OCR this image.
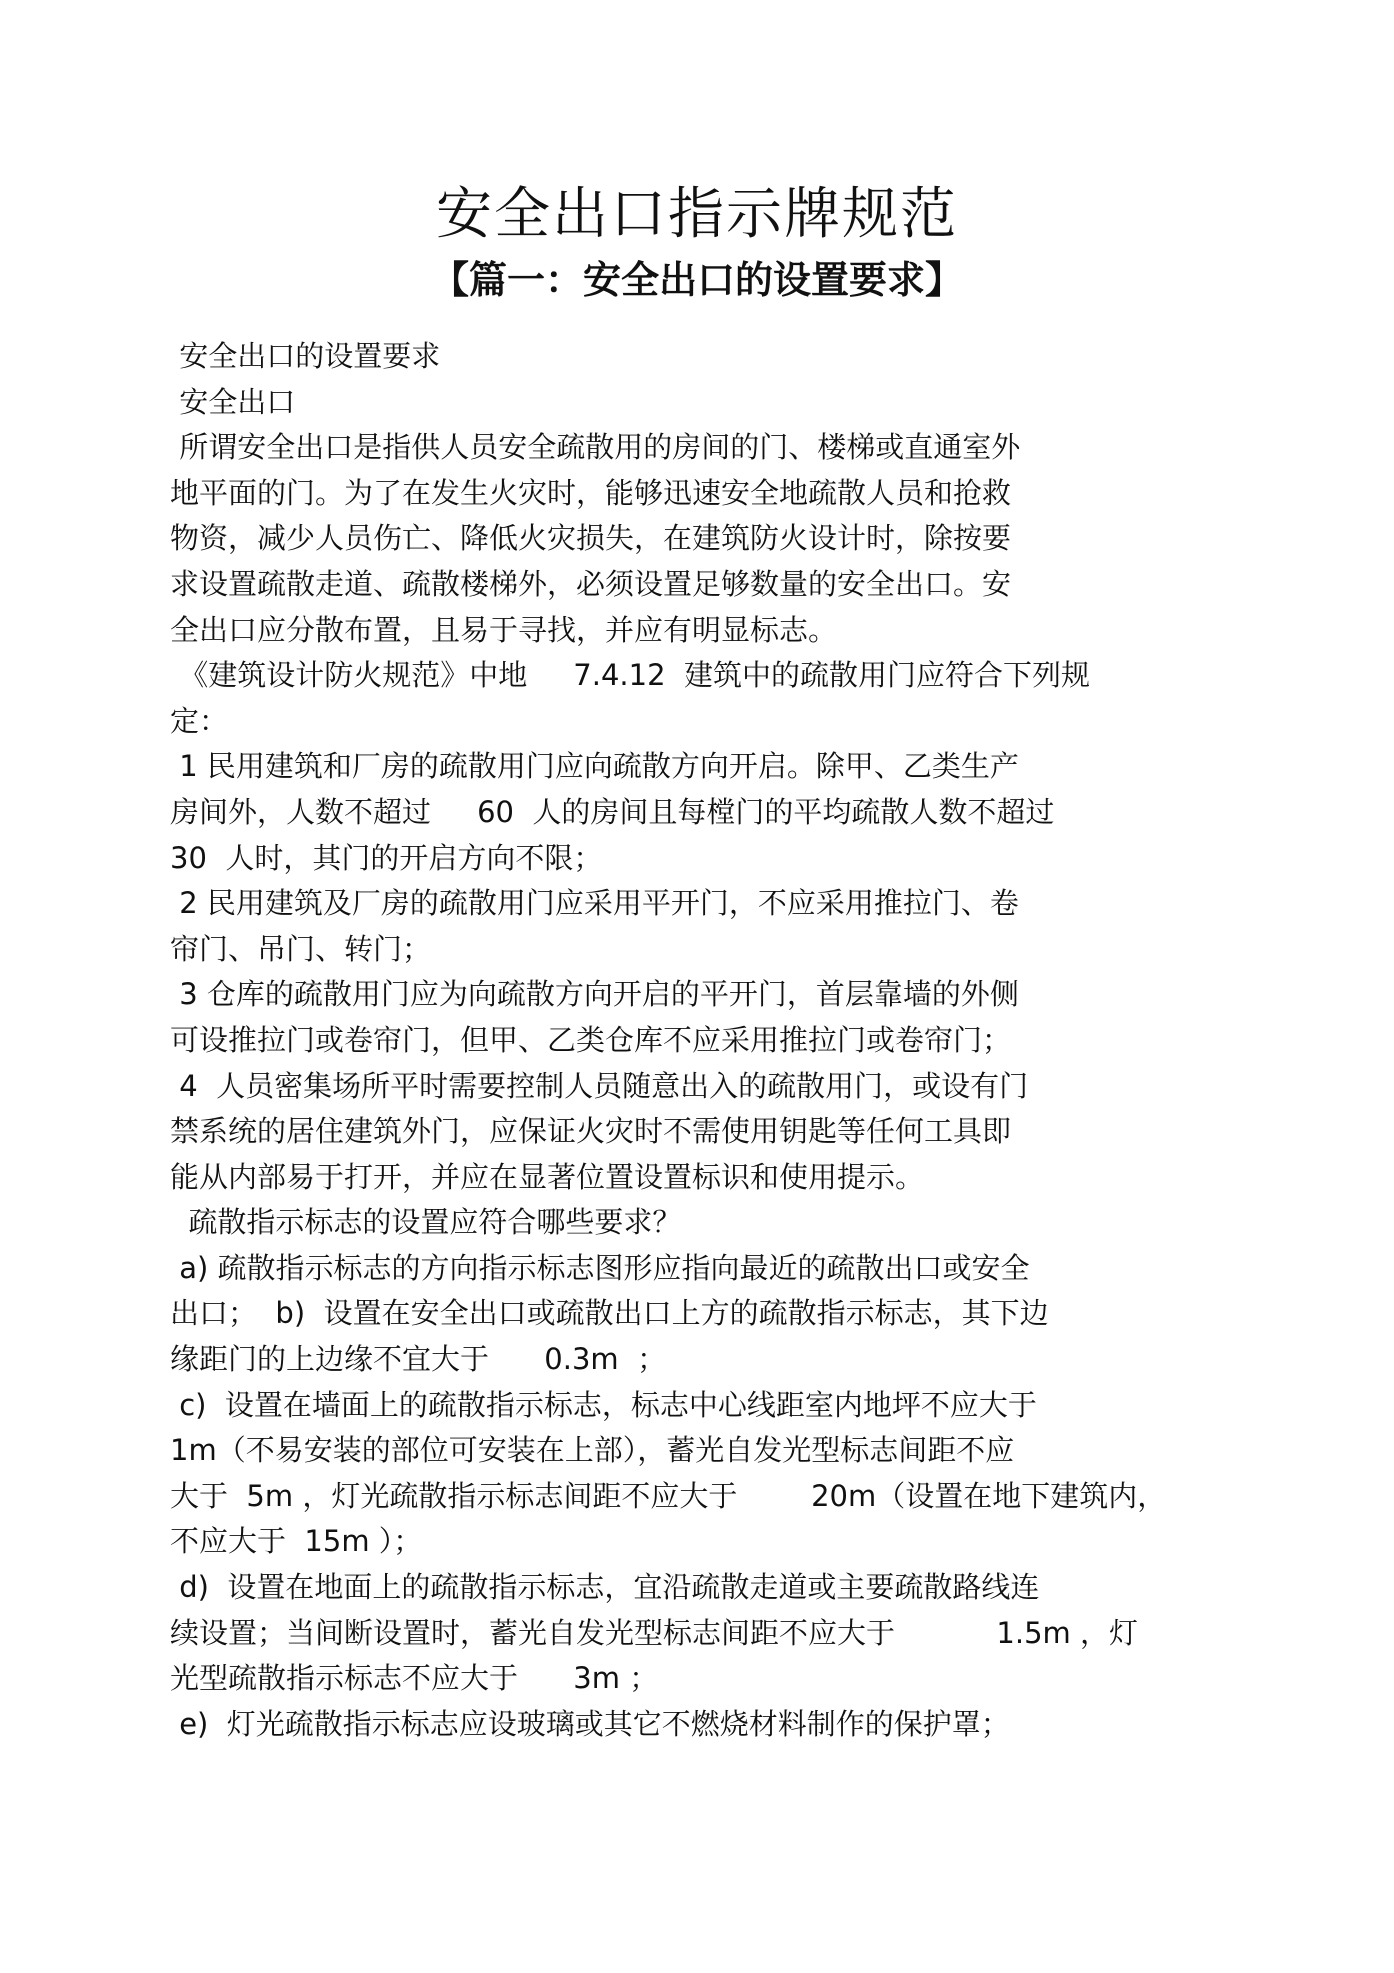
安全出口指示牌规范
【篇一：安全出口的设置要求】
安全出口的设置要求
安全出口
所谓安全出口是指供人员安全疏散用的房间的门、楼梯或直通室外
地平面的门。为了在发生火灾时，能够迅速安全地疏散人员和抢救
物资，减少人员伤亡、降低火灾损失，在建筑防火设计时，除按要
求设置疏散走道、疏散楼梯外，必须设置足够数量的安全出口。安
全出口应分散布置，且易于寻找，并应有明显标志。
《建筑设计防火规范》中地     7.4.12  建筑中的疏散用门应符合下列规
定：
1 民用建筑和厂房的疏散用门应向疏散方向开启。除甲、乙类生产
房间外，人数不超过     60  人的房间且每樘门的平均疏散人数不超过
30  人时，其门的开启方向不限；
2 民用建筑及厂房的疏散用门应采用平开门，不应采用推拉门、卷
帘门、吊门、转门；
3 仓库的疏散用门应为向疏散方向开启的平开门，首层靠墙的外侧
可设推拉门或卷帘门，但甲、乙类仓库不应采用推拉门或卷帘门；
4  人员密集场所平时需要控制人员随意出入的疏散用门，或设有门
禁系统的居住建筑外门，应保证火灾时不需使用钥匙等任何工具即
能从内部易于打开，并应在显著位置设置标识和使用提示。
疏散指示标志的设置应符合哪些要求？
a) 疏散指示标志的方向指示标志图形应指向最近的疏散出口或安全
出口；  b)  设置在安全出口或疏散出口上方的疏散指示标志，其下边
缘距门的上边缘不宜大于      0.3m  ；
c)  设置在墙面上的疏散指示标志，标志中心线距室内地坪不应大于
1m（不易安装的部位可安装在上部），蓄光自发光型标志间距不应
大于  5m ，灯光疏散指示标志间距不应大于        20m（设置在地下建筑内，
不应大于  15m ）；
d)  设置在地面上的疏散指示标志，宜沿疏散走道或主要疏散路线连
续设置；当间断设置时，蓄光自发光型标志间距不应大于           1.5m ，灯
光型疏散指示标志不应大于      3m ；
e)  灯光疏散指示标志应设玻璃或其它不燃烧材料制作的保护罩；
